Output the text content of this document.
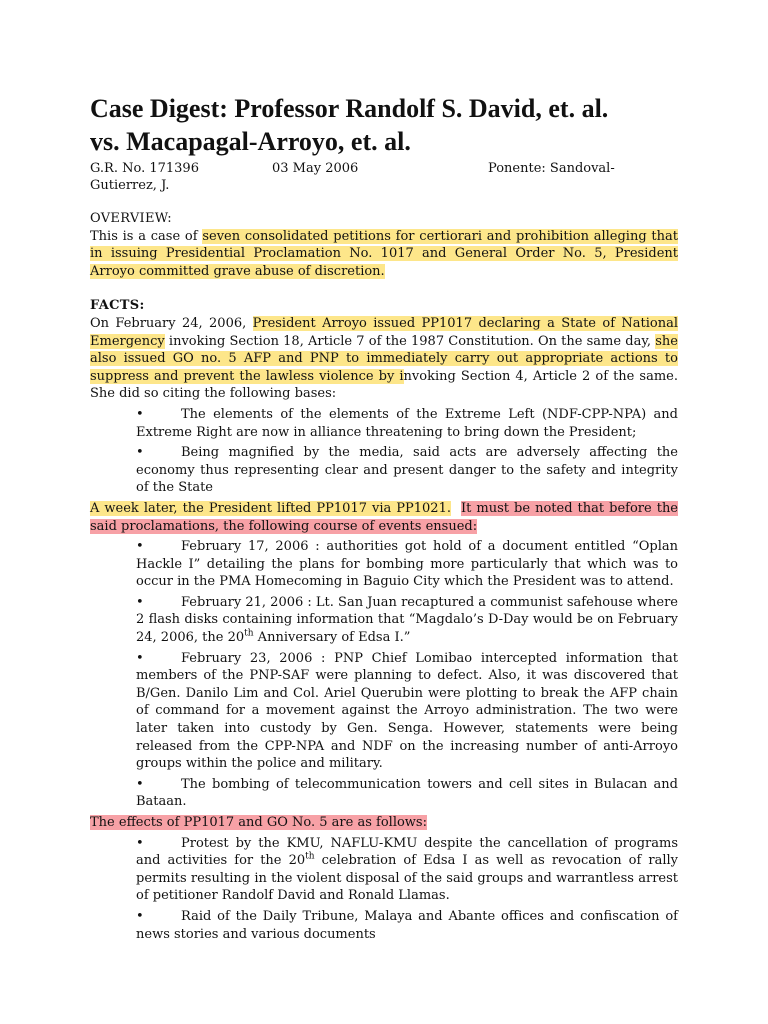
Case Digest: Professor Randolf S. David, et. al.
vs. Macapagal-Arroyo, et. al.
G.R. No. 171396	03 May 2006	Ponente: Sandoval-
Gutierrez, J.

OVERVIEW:

This is a case of seven consolidated petitions for certiorari and prohibition alleging that in issuing Presidential Proclamation No. 1017 and General Order No. 5, President Arroyo committed grave abuse of discretion.

FACTS:

On February 24, 2006, President Arroyo issued PP1017 declaring a State of National Emergency invoking Section 18, Article 7 of the 1987 Constitution. On the same day, she also issued GO no. 5 AFP and PNP to immediately carry out appropriate actions to suppress and prevent the lawless violence by invoking Section 4, Article 2 of the same. She did so citing the following bases:

• The elements of the elements of the Extreme Left (NDF-CPP-NPA) and Extreme Right are now in alliance threatening to bring down the President;
• Being magnified by the media, said acts are adversely affecting the economy thus representing clear and present danger to the safety and integrity of the State

A week later, the President lifted PP1017 via PP1021. It must be noted that before the said proclamations, the following course of events ensued:

• February 17, 2006 : authorities got hold of a document entitled “Oplan Hackle I” detailing the plans for bombing more particularly that which was to occur in the PMA Homecoming in Baguio City which the President was to attend.
• February 21, 2006 : Lt. San Juan recaptured a communist safehouse where 2 flash disks containing information that “Magdalo’s D-Day would be on February 24, 2006, the 20th Anniversary of Edsa I.”
• February 23, 2006 : PNP Chief Lomibao intercepted information that members of the PNP-SAF were planning to defect. Also, it was discovered that B/Gen. Danilo Lim and Col. Ariel Querubin were plotting to break the AFP chain of command for a movement against the Arroyo administration. The two were later taken into custody by Gen. Senga. However, statements were being released from the CPP-NPA and NDF on the increasing number of anti-Arroyo groups within the police and military.
• The bombing of telecommunication towers and cell sites in Bulacan and Bataan.

The effects of PP1017 and GO No. 5 are as follows:

• Protest by the KMU, NAFLU-KMU despite the cancellation of programs and activities for the 20th celebration of Edsa I as well as revocation of rally permits resulting in the violent disposal of the said groups and warrantless arrest of petitioner Randolf David and Ronald Llamas.
• Raid of the Daily Tribune, Malaya and Abante offices and confiscation of news stories and various documents
